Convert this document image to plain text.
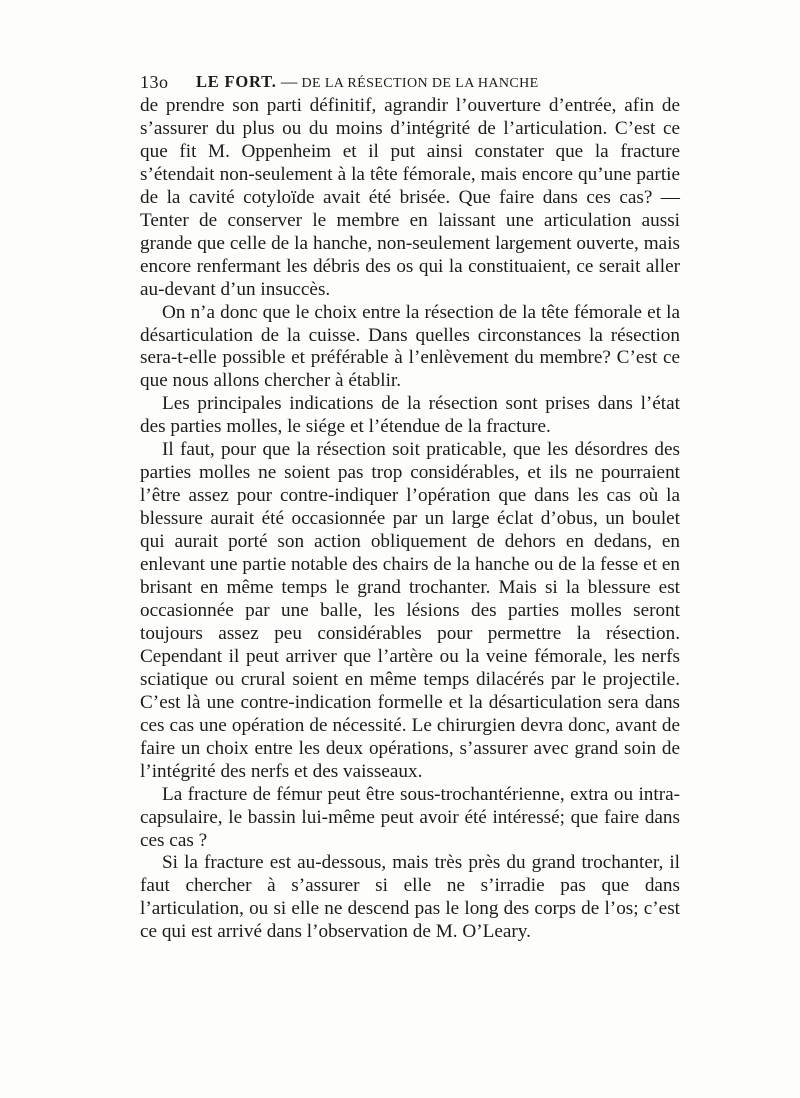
13o LE FORT. — DE LA RÉSECTION DE LA HANCHE

de prendre son parti définitif, agrandir l’ouverture d’entrée, afin de s’assurer du plus ou du moins d’intégrité de l’articulation. C’est ce que fit M. Oppenheim et il put ainsi constater que la fracture s’étendait non-seulement à la tête fémorale, mais encore qu’une partie de la cavité cotyloïde avait été brisée. Que faire dans ces cas? — Tenter de conserver le membre en laissant une articulation aussi grande que celle de la hanche, non-seulement largement ouverte, mais encore renfermant les débris des os qui la constituaient, ce serait aller au-devant d’un insuccès.

On n’a donc que le choix entre la résection de la tête fémorale et la désarticulation de la cuisse. Dans quelles circonstances la résection sera-t-elle possible et préférable à l’enlèvement du membre? C’est ce que nous allons chercher à établir.

Les principales indications de la résection sont prises dans l’état des parties molles, le siége et l’étendue de la fracture.

Il faut, pour que la résection soit praticable, que les désordres des parties molles ne soient pas trop considérables, et ils ne pourraient l’être assez pour contre-indiquer l’opération que dans les cas où la blessure aurait été occasionnée par un large éclat d’obus, un boulet qui aurait porté son action obliquement de dehors en dedans, en enlevant une partie notable des chairs de la hanche ou de la fesse et en brisant en même temps le grand trochanter. Mais si la blessure est occasionnée par une balle, les lésions des parties molles seront toujours assez peu considérables pour permettre la résection. Cependant il peut arriver que l’artère ou la veine fémorale, les nerfs sciatique ou crural soient en même temps dilacérés par le projectile. C’est là une contre-indication formelle et la désarticulation sera dans ces cas une opération de nécessité. Le chirurgien devra donc, avant de faire un choix entre les deux opérations, s’assurer avec grand soin de l’intégrité des nerfs et des vaisseaux.

La fracture de fémur peut être sous-trochantérienne, extra ou intra-capsulaire, le bassin lui-même peut avoir été intéressé; que faire dans ces cas ?

Si la fracture est au-dessous, mais très près du grand trochanter, il faut chercher à s’assurer si elle ne s’irradie pas que dans l’articulation, ou si elle ne descend pas le long des corps de l’os; c’est ce qui est arrivé dans l’observation de M. O’Leary.
